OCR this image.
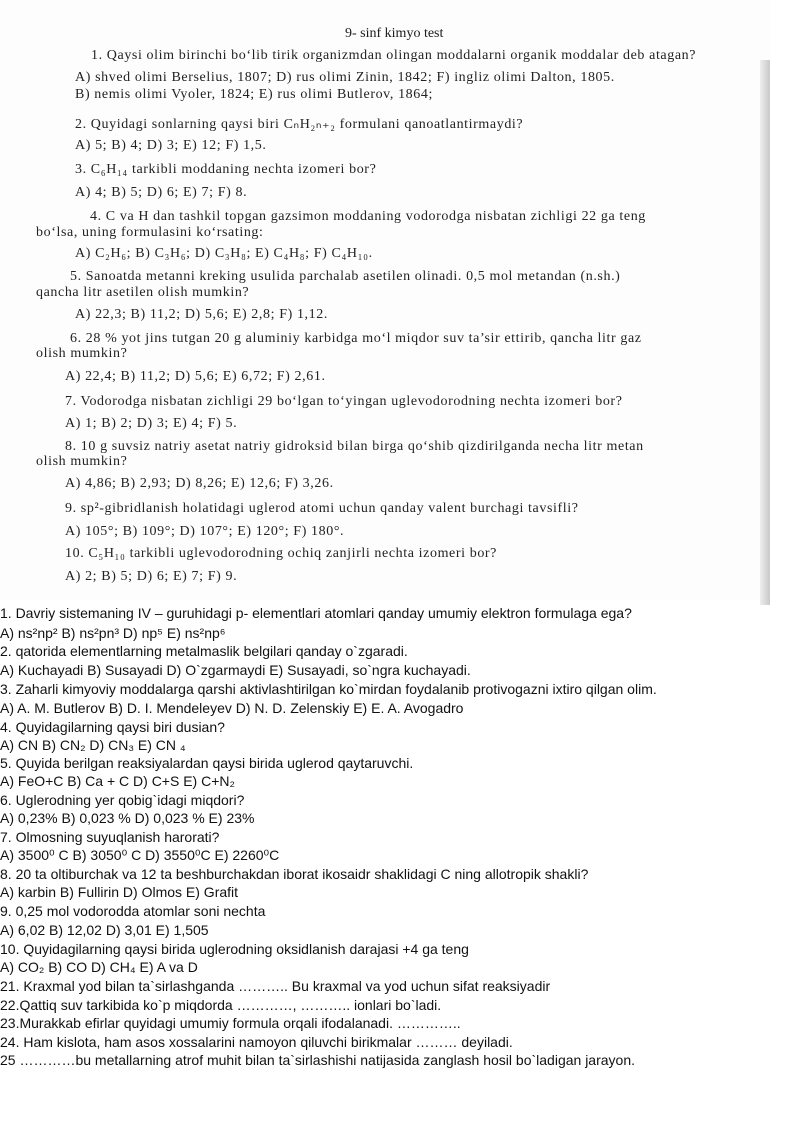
9- sinf kimyo test
1. Qaysi olim birinchi bo‘lib tirik organizmdan olingan moddalarni organik moddalar deb atagan?
A) shved olimi Berselius, 1807; D) rus olimi Zinin, 1842; F) ingliz olimi Dalton, 1805.
B) nemis olimi Vyoler, 1824; E) rus olimi Butlerov, 1864;
2. Quyidagi sonlarning qaysi biri CₙH₂ₙ₊₂ formulani qanoatlantirmaydi?
A) 5; B) 4; D) 3; E) 12; F) 1,5.
3. C₆H₁₄ tarkibli moddaning nechta izomeri bor?
A) 4; B) 5; D) 6; E) 7; F) 8.
4. C va H dan tashkil topgan gazsimon moddaning vodorodga nisbatan zichligi 22 ga teng
bo‘lsa, uning formulasini ko‘rsating:
A) C₂H₆; B) C₃H₆; D) C₃H₈; E) C₄H₈; F) C₄H₁₀.
5. Sanoatda metanni kreking usulida parchalab asetilen olinadi. 0,5 mol metandan (n.sh.)
qancha litr asetilen olish mumkin?
A) 22,3; B) 11,2; D) 5,6; E) 2,8; F) 1,12.
6. 28 % yot jins tutgan 20 g aluminiy karbidga mo‘l miqdor suv ta’sir ettirib, qancha litr gaz
olish mumkin?
A) 22,4; B) 11,2; D) 5,6; E) 6,72; F) 2,61.
7. Vodorodga nisbatan zichligi 29 bo‘lgan to‘yingan uglevodorodning nechta izomeri bor?
A) 1; B) 2; D) 3; E) 4; F) 5.
8. 10 g suvsiz natriy asetat natriy gidroksid bilan birga qo‘shib qizdirilganda necha litr metan
olish mumkin?
A) 4,86; B) 2,93; D) 8,26; E) 12,6; F) 3,26.
9. sp²-gibridlanish holatidagi uglerod atomi uchun qanday valent burchagi tavsifli?
A) 105°; B) 109°; D) 107°; E) 120°; F) 180°.
10. C₅H₁₀ tarkibli uglevodorodning ochiq zanjirli nechta izomeri bor?
A) 2; B) 5; D) 6; E) 7; F) 9.
1. Davriy sistemaning IV – guruhidagi p- elementlari atomlari qanday umumiy elektron formulaga ega?
A) ns²np² B) ns²pn³ D) np⁵ E) ns²np⁶
2. qatorida elementlarning metalmaslik belgilari qanday o`zgaradi.
A) Kuchayadi B) Susayadi D) O`zgarmaydi E) Susayadi, so`ngra kuchayadi.
3. Zaharli kimyoviy moddalarga qarshi aktivlashtirilgan ko`mirdan foydalanib protivogazni ixtiro qilgan olim.
A) A. M. Butlerov B) D. I. Mendeleyev D) N. D. Zelenskiy E) E. A. Avogadro
4. Quyidagilarning qaysi biri dusian?
A) CN B) CN₂ D) CN₃ E) CN ₄
5. Quyida berilgan reaksiyalardan qaysi birida uglerod qaytaruvchi.
A) FeO+C B) Ca + C D) C+S E) C+N₂
6. Uglerodning yer qobig`idagi miqdori?
A) 0,23% B) 0,023 % D) 0,023 % E) 23%
7. Olmosning suyuqlanish harorati?
A) 3500⁰ C B) 3050⁰ C D) 3550⁰C E) 2260⁰C
8. 20 ta oltiburchak va 12 ta beshburchakdan iborat ikosaidr shaklidagi C ning allotropik shakli?
A) karbin B) Fullirin D) Olmos E) Grafit
9. 0,25 mol vodorodda atomlar soni nechta
A) 6,02 B) 12,02 D) 3,01 E) 1,505
10. Quyidagilarning qaysi birida uglerodning oksidlanish darajasi +4 ga teng
A) CO₂ B) CO D) CH₄ E) A va D
21. Kraxmal yod bilan ta`sirlashganda ……….. Bu kraxmal va yod uchun sifat reaksiyadir
22.Qattiq suv tarkibida ko`p miqdorda …………, ……….. ionlari bo`ladi.
23.Murakkab efirlar quyidagi umumiy formula orqali ifodalanadi. …………..
24. Ham kislota, ham asos xossalarini namoyon qiluvchi birikmalar ……… deyiladi.
25 …………bu metallarning atrof muhit bilan ta`sirlashishi natijasida zanglash hosil bo`ladigan jarayon.
